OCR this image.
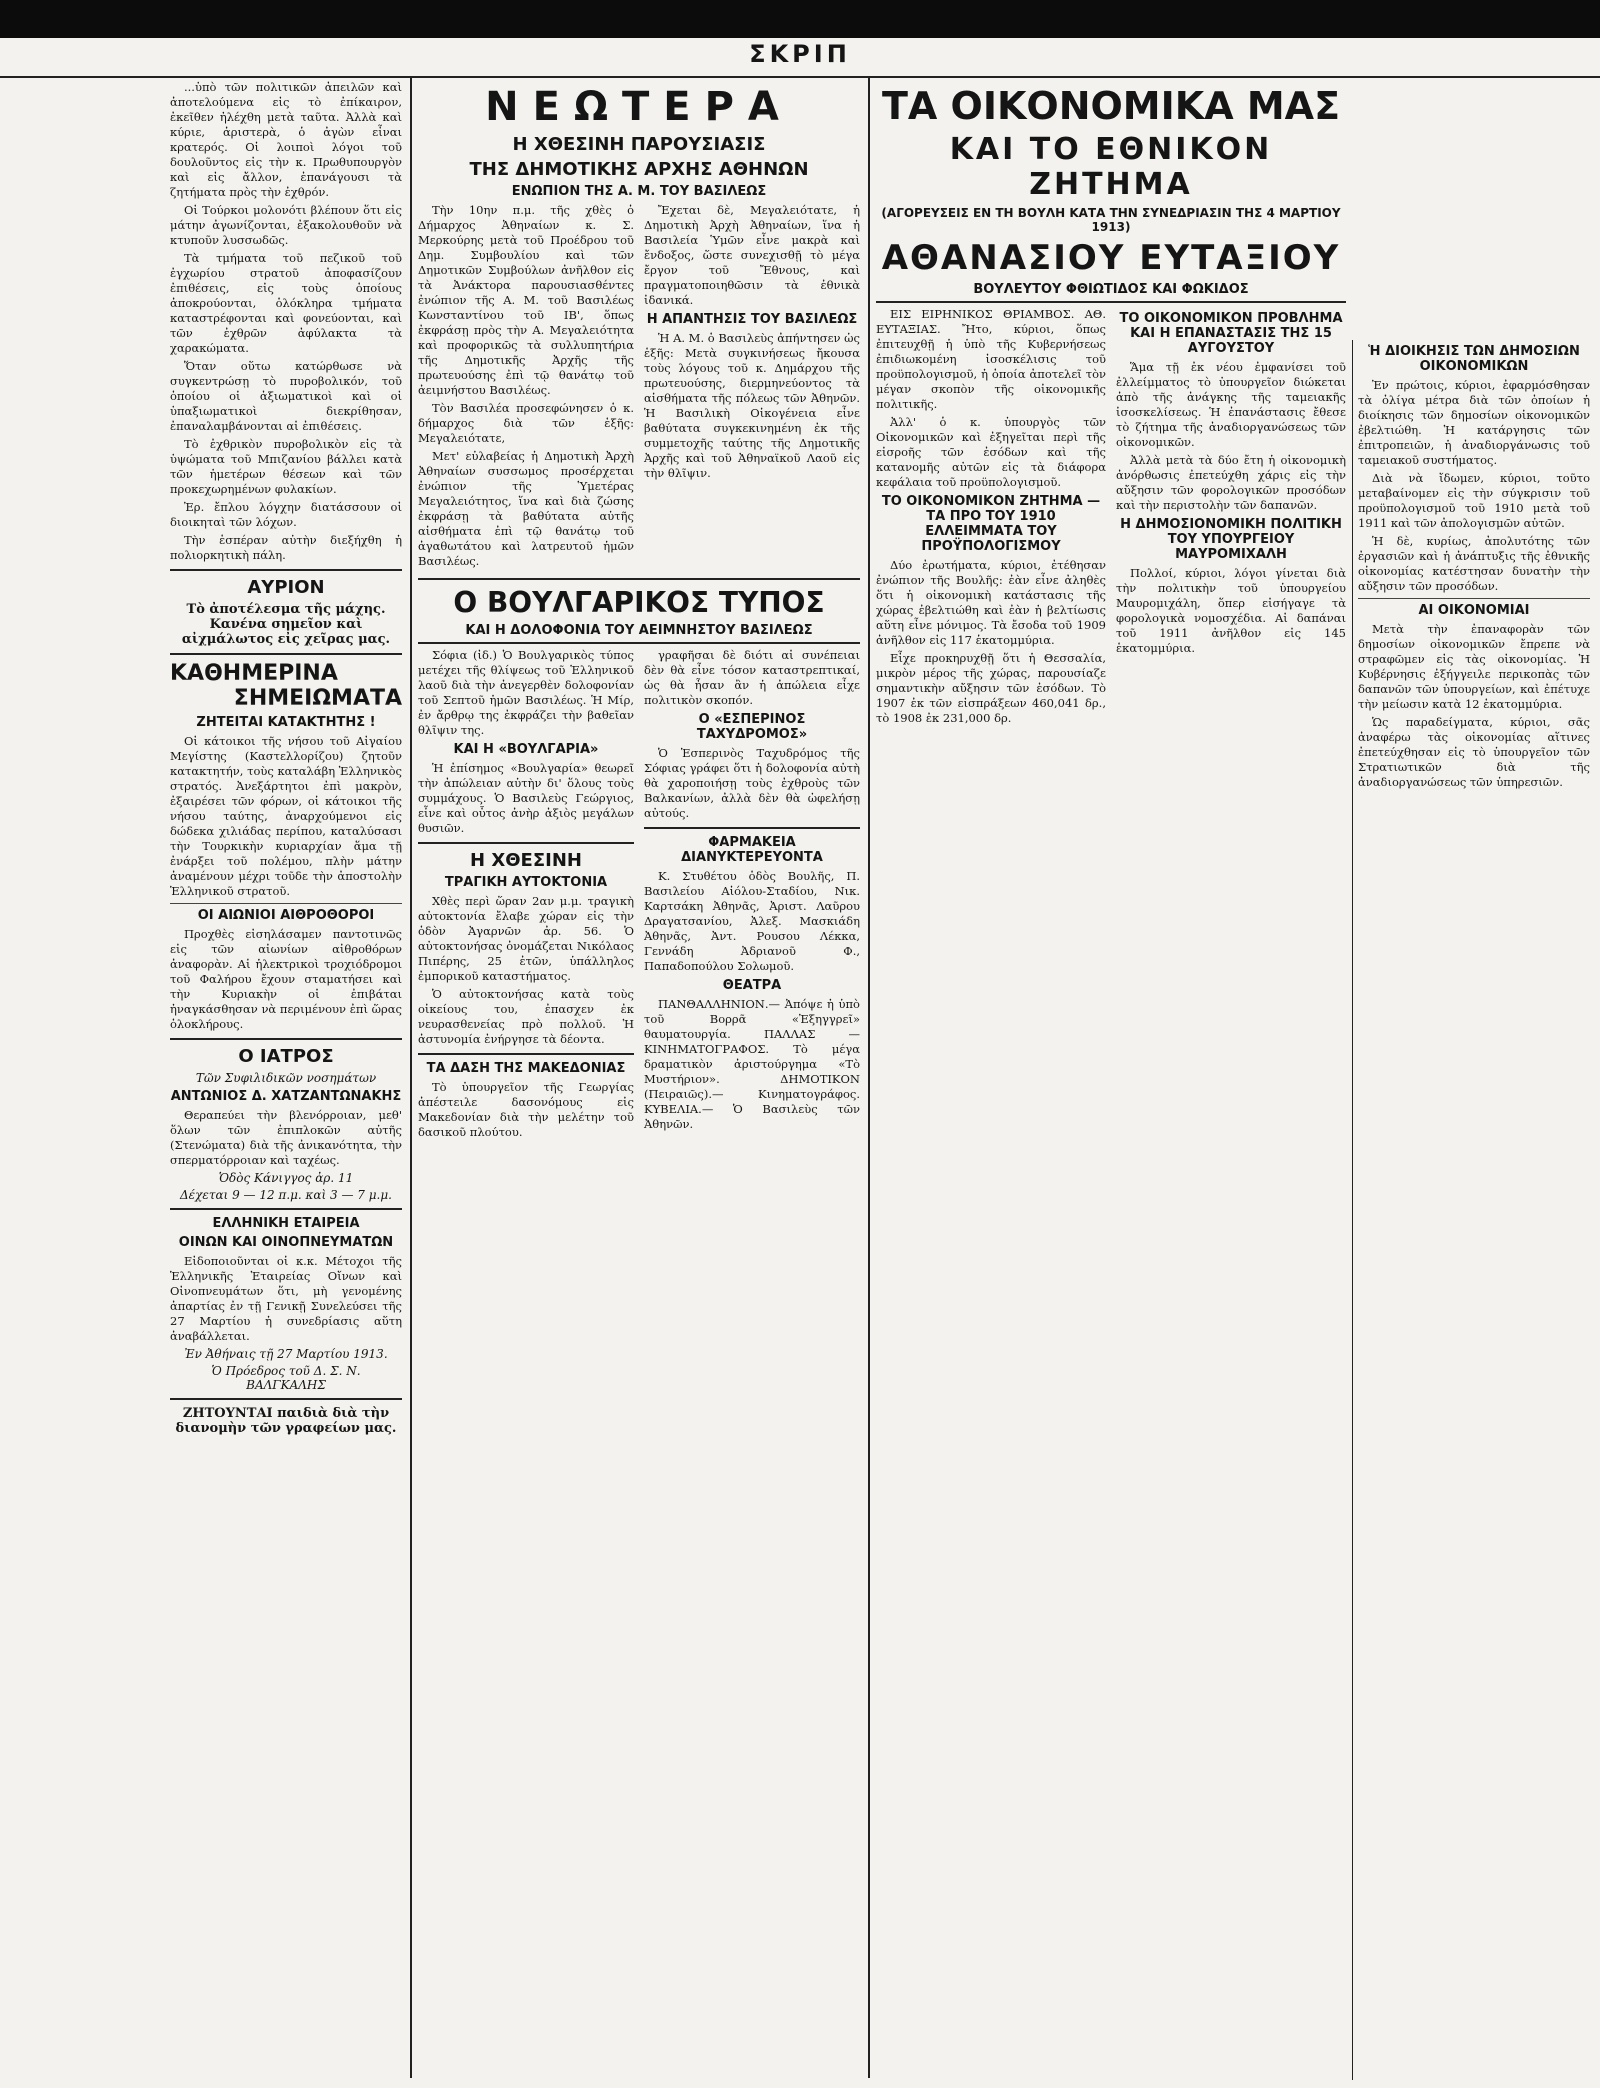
ΣΚΡΙΠ

...ὑπὸ τῶν πολιτικῶν ἀπειλῶν καὶ ἀποτελούμενα εἰς τὸ ἐπίκαιρον, ἐκεῖθεν ἠλέχθη μετὰ ταῦτα. Ἀλλὰ καὶ κύριε, ἀριστερὰ, ὁ ἀγὼν εἶναι κρατερός. Οἱ λοιποὶ λόγοι τοῦ δουλοῦντος εἰς τὴν κ. Πρωθυπουργὸν καὶ εἰς ἄλλον, ἐπανάγουσι τὰ ζητήματα πρὸς τὴν ἐχθρόν.

Οἱ Τούρκοι μολονότι βλέπουν ὅτι εἰς μάτην ἀγωνίζονται, ἐξακολουθοῦν νὰ κτυποῦν λυσσωδῶς.

Τὰ τμήματα τοῦ πεζικοῦ τοῦ ἐγχωρίου στρατοῦ ἀποφασίζουν ἐπιθέσεις, εἰς τοὺς ὁποίους ἀποκρούονται, ὁλόκληρα τμήματα καταστρέφονται καὶ φονεύονται, καὶ τῶν ἐχθρῶν ἀφύλακτα τὰ χαρακώματα.

Ὅταν οὕτω κατώρθωσε νὰ συγκεντρώσῃ τὸ πυροβολικόν, τοῦ ὁποίου οἱ ἀξιωματικοὶ καὶ οἱ ὑπαξιωματικοὶ διεκρίθησαν, ἐπαναλαμβάνονται αἱ ἐπιθέσεις.

Τὸ ἐχθρικὸν πυροβολικὸν εἰς τὰ ὑψώματα τοῦ Μπιζανίου βάλλει κατὰ τῶν ἡμετέρων θέσεων καὶ τῶν προκεχωρημένων φυλακίων.

Ἐρ. ἔπλου λόγχην διατάσσουν οἱ διοικηταὶ τῶν λόχων.

Τὴν ἑσπέραν αὐτὴν διεξήχθη ἡ πολιορκητικὴ πάλη.

ΑΥΡΙΟΝ
Τὸ ἀποτέλεσμα τῆς μάχης. Κανένα σημεῖον καὶ αἰχμάλωτος εἰς χεῖρας μας.
ΚΑΘΗΜΕΡΙΝΑ
ΣΗΜΕΙΩΜΑΤΑ
ΖΗΤΕΙΤΑΙ ΚΑΤΑΚΤΗΤΗΣ !

Οἱ κάτοικοι τῆς νήσου τοῦ Αἰγαίου Μεγίστης (Καστελλορίζου) ζητοῦν κατακτητήν, τοὺς καταλάβη Ἑλληνικὸς στρατός. Ἀνεξάρτητοι ἐπὶ μακρὸν, ἐξαιρέσει τῶν φόρων, οἱ κάτοικοι τῆς νήσου ταύτης, ἀναρχούμενοι εἰς δώδεκα χιλιάδας περίπου, καταλύσασι τὴν Τουρκικὴν κυριαρχίαν ἅμα τῇ ἐνάρξει τοῦ πολέμου, πλὴν μάτην ἀναμένουν μέχρι τοῦδε τὴν ἀποστολὴν Ἑλληνικοῦ στρατοῦ.

ΟΙ ΑΙΩΝΙΟΙ ΑΙΘΡΟΘΟΡΟΙ

Προχθὲς εἰσηλάσαμεν παντοτινῶς εἰς τῶν αἰωνίων αἰθροθόρων ἀναφορὰν. Αἱ ἡλεκτρικοὶ τροχιόδρομοι τοῦ Φαλήρου ἔχουν σταματήσει καὶ τὴν Κυριακὴν οἱ ἐπιβάται ἠναγκάσθησαν νὰ περιμένουν ἐπὶ ὥρας ὁλοκλήρους.

Ο ΙΑΤΡΟΣ
Τῶν Συφιλιδικῶν νοσημάτων
ΑΝΤΩΝΙΟΣ Δ. ΧΑΤΖΑΝΤΩΝΑΚΗΣ

Θεραπεύει τὴν βλενόρροιαν, μεθ' ὅλων τῶν ἐπιπλοκῶν αὐτῆς (Στενώματα) διὰ τῆς ἀνικανότητα, τὴν σπερματόρροιαν καὶ ταχέως.

Ὁδὸς Κάνιγγος ἀρ. 11
Δέχεται 9 — 12 π.μ. καὶ 3 — 7 μ.μ.
ΕΛΛΗΝΙΚΗ ΕΤΑΙΡΕΙΑ
ΟΙΝΩΝ ΚΑΙ ΟΙΝΟΠΝΕΥΜΑΤΩΝ

Εἰδοποιοῦνται οἱ κ.κ. Μέτοχοι τῆς Ἑλληνικῆς Ἑταιρείας Οἴνων καὶ Οἰνοπνευμάτων ὅτι, μὴ γενομένης ἀπαρτίας ἐν τῇ Γενικῇ Συνελεύσει τῆς 27 Μαρτίου ἡ συνεδρίασις αὕτη ἀναβάλλεται.

Ἐν Ἀθήναις τῇ 27 Μαρτίου 1913.
Ὁ Πρόεδρος τοῦ Δ. Σ. Ν. ΒΑΛΓΚΑΛΗΣ
ΖΗΤΟΥΝΤΑΙ παιδιὰ διὰ τὴν διανομὴν τῶν γραφείων μας.
ΝΕΩΤΕΡΑ
Η ΧΘΕΣΙΝΗ ΠΑΡΟΥΣΙΑΣΙΣ
ΤΗΣ ΔΗΜΟΤΙΚΗΣ ΑΡΧΗΣ ΑΘΗΝΩΝ
ΕΝΩΠΙΟΝ ΤΗΣ Α. Μ. ΤΟΥ ΒΑΣΙΛΕΩΣ

Τὴν 10ην π.μ. τῆς χθὲς ὁ Δήμαρχος Ἀθηναίων κ. Σ. Μερκούρης μετὰ τοῦ Προέδρου τοῦ Δημ. Συμβουλίου καὶ τῶν Δημοτικῶν Συμβούλων ἀνῆλθον εἰς τὰ Ἀνάκτορα παρουσιασθέντες ἐνώπιον τῆς Α. Μ. τοῦ Βασιλέως Κωνσταντίνου τοῦ ΙΒ', ὅπως ἐκφράσῃ πρὸς τὴν Α. Μεγαλειότητα καὶ προφορικῶς τὰ συλλυπητήρια τῆς Δημοτικῆς Ἀρχῆς τῆς πρωτευούσης ἐπὶ τῷ θανάτῳ τοῦ ἀειμνήστου Βασιλέως.

Τὸν Βασιλέα προσεφώνησεν ὁ κ. δήμαρχος διὰ τῶν ἑξῆς: Μεγαλειότατε,

Μετ' εὐλαβείας ἡ Δημοτικὴ Ἀρχὴ Ἀθηναίων συσσωμος προσέρχεται ἐνώπιον τῆς Ὑμετέρας Μεγαλειότητος, ἵνα καὶ διὰ ζώσης ἐκφράσῃ τὰ βαθύτατα αὐτῆς αἰσθήματα ἐπὶ τῷ θανάτῳ τοῦ ἀγαθωτάτου καὶ λατρευτοῦ ἡμῶν Βασιλέως.

Ἔχεται δὲ, Μεγαλειότατε, ἡ Δημοτικὴ Ἀρχὴ Ἀθηναίων, ἵνα ἡ Βασιλεία Ὑμῶν εἶνε μακρὰ καὶ ἔνδοξος, ὥστε συνεχισθῇ τὸ μέγα ἔργον τοῦ Ἔθνους, καὶ πραγματοποιηθῶσιν τὰ ἐθνικὰ ἰδανικά.

Η ΑΠΑΝΤΗΣΙΣ ΤΟΥ ΒΑΣΙΛΕΩΣ

Ἡ Α. Μ. ὁ Βασιλεὺς ἀπήντησεν ὡς ἑξῆς: Μετὰ συγκινήσεως ἤκουσα τοὺς λόγους τοῦ κ. Δημάρχου τῆς πρωτευούσης, διερμηνεύοντος τὰ αἰσθήματα τῆς πόλεως τῶν Ἀθηνῶν. Ἡ Βασιλικὴ Οἰκογένεια εἶνε βαθύτατα συγκεκινημένη ἐκ τῆς συμμετοχῆς ταύτης τῆς Δημοτικῆς Ἀρχῆς καὶ τοῦ Ἀθηναϊκοῦ Λαοῦ εἰς τὴν θλῖψιν.

Ο ΒΟΥΛΓΑΡΙΚΟΣ ΤΥΠΟΣ
ΚΑΙ Η ΔΟΛΟΦΟΝΙΑ ΤΟΥ ΑΕΙΜΝΗΣΤΟΥ ΒΑΣΙΛΕΩΣ

Σόφια (ἰδ.) Ὁ Βουλγαρικὸς τύπος μετέχει τῆς θλίψεως τοῦ Ἑλληνικοῦ λαοῦ διὰ τὴν ἀνεγερθὲν δολοφονίαν τοῦ Σεπτοῦ ἡμῶν Βασιλέως. Ἡ Μίρ, ἐν ἄρθρῳ της ἐκφράζει τὴν βαθεῖαν θλῖψιν της.

ΚΑΙ Η «ΒΟΥΛΓΑΡΙΑ»

Ἡ ἐπίσημος «Βουλγαρία» θεωρεῖ τὴν ἀπώλειαν αὐτὴν δι' ὅλους τοὺς συμμάχους. Ὁ Βασιλεὺς Γεώργιος, εἶνε καὶ οὗτος ἀνὴρ ἀξιὸς μεγάλων θυσιῶν.

Η ΧΘΕΣΙΝΗ
ΤΡΑΓΙΚΗ ΑΥΤΟΚΤΟΝΙΑ

Χθὲς περὶ ὥραν 2αν μ.μ. τραγικὴ αὐτοκτονία ἔλαβε χώραν εἰς τὴν ὁδὸν Ἀγαρνῶν ἀρ. 56. Ὁ αὐτοκτονήσας ὀνομάζεται Νικόλαος Πιπέρης, 25 ἐτῶν, ὑπάλληλος ἐμπορικοῦ καταστήματος.

Ὁ αὐτοκτονήσας κατὰ τοὺς οἰκείους του, ἐπασχεν ἐκ νευρασθενείας πρὸ πολλοῦ. Ἡ ἀστυνομία ἐνήργησε τὰ δέοντα.

ΤΑ ΔΑΣΗ ΤΗΣ ΜΑΚΕΔΟΝΙΑΣ

Τὸ ὑπουργεῖον τῆς Γεωργίας ἀπέστειλε δασονόμους εἰς Μακεδονίαν διὰ τὴν μελέτην τοῦ δασικοῦ πλούτου.

γραφῆσαι δὲ διότι αἱ συνέπειαι δὲν θὰ εἶνε τόσον καταστρεπτικαί, ὡς θὰ ἦσαν ἂν ἡ ἀπώλεια εἶχε πολιτικὸν σκοπόν.

Ο «ΕΣΠΕΡΙΝΟΣ ΤΑΧΥΔΡΟΜΟΣ»

Ὁ Ἑσπερινὸς Ταχυδρόμος τῆς Σόφιας γράφει ὅτι ἡ δολοφονία αὐτὴ θὰ χαροποιήσῃ τοὺς ἐχθροὺς τῶν Βαλκανίων, ἀλλὰ δὲν θὰ ὠφελήσῃ αὐτούς.

ΦΑΡΜΑΚΕΙΑ ΔΙΑΝΥΚΤΕΡΕΥΟΝΤΑ

Κ. Στυθέτου ὁδὸς Βουλῆς, Π. Βασιλείου Αἰόλου-Σταδίου, Νικ. Καρτσάκη Ἀθηνᾶς, Ἀριστ. Λαῦρου Δραγατσανίου, Ἀλεξ. Μασκιάδη Ἀθηνᾶς, Ἀντ. Ρουσου Λέκκα, Γεννάδη Ἀδριανοῦ Φ., Παπαδοπούλου Σολωμοῦ.

ΘΕΑΤΡΑ

ΠΑΝΘΑΛΛΗΝΙΟΝ.— Ἀπόψε ἡ ὑπὸ τοῦ Βορρᾶ «Ἐξηγγρεῖ» θαυματουργία. ΠΑΛΛΑΣ — ΚΙΝΗΜΑΤΟΓΡΑΦΟΣ. Τὸ μέγα δραματικὸν ἀριστούργημα «Τὸ Μυστήριον». ΔΗΜΟΤΙΚΟΝ (Πειραιῶς).— Κινηματογράφος. ΚΥΒΕΛΙΑ.— Ὁ Βασιλεὺς τῶν Ἀθηνῶν.

ΤΑ ΟΙΚΟΝΟΜΙΚΑ ΜΑΣ
ΚΑΙ ΤΟ ΕΘΝΙΚΟΝ ΖΗΤΗΜΑ
(ΑΓΟΡΕΥΣΕΙΣ ΕΝ ΤΗ ΒΟΥΛΗ ΚΑΤΑ ΤΗΝ ΣΥΝΕΔΡΙΑΣΙΝ ΤΗΣ 4 ΜΑΡΤΙΟΥ 1913)
ΑΘΑΝΑΣΙΟΥ ΕΥΤΑΞΙΟΥ
ΒΟΥΛΕΥΤΟΥ ΦΘΙΩΤΙΔΟΣ ΚΑΙ ΦΩΚΙΔΟΣ

ΕΙΣ ΕΙΡΗΝΙΚΟΣ ΘΡΙΑΜΒΟΣ. ΑΘ. ΕΥΤΑΞΙΑΣ. Ἤτο, κύριοι, ὅπως ἐπιτευχθῇ ἡ ὑπὸ τῆς Κυβερνήσεως ἐπιδιωκομένη ἰσοσκέλισις τοῦ προϋπολογισμοῦ, ἡ ὁποία ἀποτελεῖ τὸν μέγαν σκοπὸν τῆς οἰκονομικῆς πολιτικῆς.

Ἀλλ' ὁ κ. ὑπουργὸς τῶν Οἰκονομικῶν καὶ ἐξηγεῖται περὶ τῆς εἰσροῆς τῶν ἐσόδων καὶ τῆς κατανομῆς αὐτῶν εἰς τὰ διάφορα κεφάλαια τοῦ προϋπολογισμοῦ.

ΤΟ ΟΙΚΟΝΟΜΙΚΟΝ ΖΗΤΗΜΑ — ΤΑ ΠΡΟ ΤΟΥ 1910 ΕΛΛΕΙΜΜΑΤΑ ΤΟΥ ΠΡΟΫΠΟΛΟΓΙΣΜΟΥ

Δύο ἐρωτήματα, κύριοι, ἐτέθησαν ἐνώπιον τῆς Βουλῆς: ἐὰν εἶνε ἀληθὲς ὅτι ἡ οἰκονομικὴ κατάστασις τῆς χώρας ἐβελτιώθη καὶ ἐὰν ἡ βελτίωσις αὕτη εἶνε μόνιμος. Τὰ ἔσοδα τοῦ 1909 ἀνῆλθον εἰς 117 ἑκατομμύρια.

Εἶχε προκηρυχθῇ ὅτι ἡ Θεσσαλία, μικρὸν μέρος τῆς χώρας, παρουσίαζε σημαντικὴν αὔξησιν τῶν ἐσόδων. Τὸ 1907 ἐκ τῶν εἰσπράξεων 460,041 δρ., τὸ 1908 ἐκ 231,000 δρ.

ΤΟ ΟΙΚΟΝΟΜΙΚΟΝ ΠΡΟΒΛΗΜΑ ΚΑΙ Η ΕΠΑΝΑΣΤΑΣΙΣ ΤΗΣ 15 ΑΥΓΟΥΣΤΟΥ

Ἅμα τῇ ἐκ νέου ἐμφανίσει τοῦ ἐλλείμματος τὸ ὑπουργεῖον διώκεται ἀπὸ τῆς ἀνάγκης τῆς ταμειακῆς ἰσοσκελίσεως. Ἡ ἐπανάστασις ἔθεσε τὸ ζήτημα τῆς ἀναδιοργανώσεως τῶν οἰκονομικῶν.

Ἀλλὰ μετὰ τὰ δύο ἔτη ἡ οἰκονομικὴ ἀνόρθωσις ἐπετεύχθη χάρις εἰς τὴν αὔξησιν τῶν φορολογικῶν προσόδων καὶ τὴν περιστολὴν τῶν δαπανῶν.

Η ΔΗΜΟΣΙΟΝΟΜΙΚΗ ΠΟΛΙΤΙΚΗ ΤΟΥ ΥΠΟΥΡΓΕΙΟΥ ΜΑΥΡΟΜΙΧΑΛΗ

Πολλοί, κύριοι, λόγοι γίνεται διὰ τὴν πολιτικὴν τοῦ ὑπουργείου Μαυρομιχάλη, ὅπερ εἰσήγαγε τὰ φορολογικὰ νομοσχέδια. Αἱ δαπάναι τοῦ 1911 ἀνῆλθον εἰς 145 ἑκατομμύρια.

Ἡ ΔΙΟΙΚΗΣΙΣ ΤΩΝ ΔΗΜΟΣΙΩΝ ΟΙΚΟΝΟΜΙΚΩΝ

Ἐν πρώτοις, κύριοι, ἐφαρμόσθησαν τὰ ὀλίγα μέτρα διὰ τῶν ὁποίων ἡ διοίκησις τῶν δημοσίων οἰκονομικῶν ἐβελτιώθη. Ἡ κατάργησις τῶν ἐπιτροπειῶν, ἡ ἀναδιοργάνωσις τοῦ ταμειακοῦ συστήματος.

Διὰ νὰ ἴδωμεν, κύριοι, τοῦτο μεταβαίνομεν εἰς τὴν σύγκρισιν τοῦ προϋπολογισμοῦ τοῦ 1910 μετὰ τοῦ 1911 καὶ τῶν ἀπολογισμῶν αὐτῶν.

Ἡ δὲ, κυρίως, ἀπολυτότης τῶν ἐργασιῶν καὶ ἡ ἀνάπτυξις τῆς ἐθνικῆς οἰκονομίας κατέστησαν δυνατὴν τὴν αὔξησιν τῶν προσόδων.

ΑΙ ΟΙΚΟΝΟΜΙΑΙ

Μετὰ τὴν ἐπαναφορὰν τῶν δημοσίων οἰκονομικῶν ἔπρεπε νὰ στραφῶμεν εἰς τὰς οἰκονομίας. Ἡ Κυβέρνησις ἐξήγγειλε περικοπὰς τῶν δαπανῶν τῶν ὑπουργείων, καὶ ἐπέτυχε τὴν μείωσιν κατὰ 12 ἑκατομμύρια.

Ὡς παραδείγματα, κύριοι, σᾶς ἀναφέρω τὰς οἰκονομίας αἵτινες ἐπετεύχθησαν εἰς τὸ ὑπουργεῖον τῶν Στρατιωτικῶν διὰ τῆς ἀναδιοργανώσεως τῶν ὑπηρεσιῶν.
